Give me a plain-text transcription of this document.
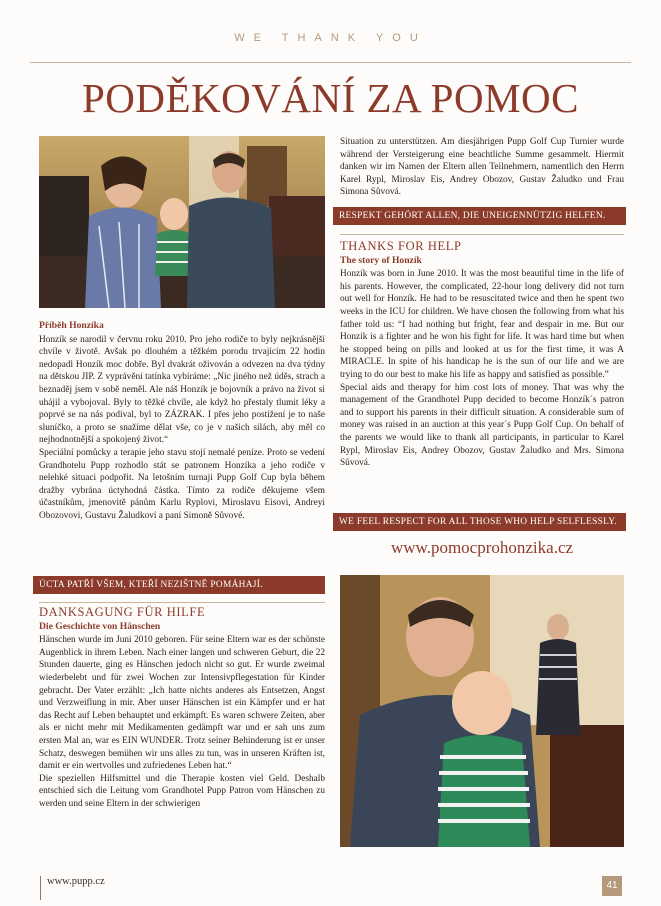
WE THANK YOU
PODĚKOVÁNÍ ZA POMOC
Příběh Honzíka

Honzík se narodil v červnu roku 2010. Pro jeho rodiče to byly nejkrásnější chvíle v životě. Avšak po dlouhém a těžkém porodu trvajícím 22 hodin nedopadl Honzík moc dobře. Byl dvakrát oživován a odvezen na dva týdny na dětskou JIP. Z vyprávění tatínka vybíráme: „Nic jiného než úděs, strach a beznaděj jsem v sobě neměl. Ale náš Honzík je bojovník a právo na život si uhájil a vybojoval. Byly to těžké chvíle, ale když ho přestaly tlumit léky a poprvé se na nás podíval, byl to ZÁZRAK. I přes jeho postižení je to naše sluníčko, a proto se snažíme dělat vše, co je v našich silách, aby měl co nejhodnotnější a spokojený život.“

Speciální pomůcky a terapie jeho stavu stojí nemalé peníze. Proto se vedení Grandhotelu Pupp rozhodlo stát se patronem Honzíka a jeho rodiče v nelehké situaci podpořit. Na letošním turnaji Pupp Golf Cup byla během dražby vybrána úctyhodná částka. Tímto za rodiče děkujeme všem účastníkům, jmenovitě pánům Karlu Ryplovi, Miroslavu Eisovi, Andreyi Obozovovi, Gustavu Žaludkovi a paní Simoně Sůvové.

ÚCTA PATŘÍ VŠEM, KTEŘÍ NEZIŠTNĚ POMÁHAJÍ.
DANKSAGUNG FÜR HILFE
Die Geschichte von Hänschen

Hänschen wurde im Juni 2010 geboren. Für seine Eltern war es der schönste Augenblick in ihrem Leben. Nach einer langen und schweren Geburt, die 22 Stunden dauerte, ging es Hänschen jedoch nicht so gut. Er wurde zweimal wiederbelebt und für zwei Wochen zur Intensivpflegestation für Kinder gebracht. Der Vater erzählt: „Ich hatte nichts anderes als Entsetzen, Angst und Verzweiflung in mir. Aber unser Hänschen ist ein Kämpfer und er hat das Recht auf Leben behauptet und erkämpft. Es waren schwere Zeiten, aber als er nicht mehr mit Medikamenten gedämpft war und er sah uns zum ersten Mal an, war es EIN WUNDER. Trotz seiner Behinderung ist er unser Schatz, deswegen bemühen wir uns alles zu tun, was in unseren Kräften ist, damit er ein wertvolles und zufriedenes Leben hat.“

Die speziellen Hilfsmittel und die Therapie kosten viel Geld. Deshalb entschied sich die Leitung vom Grandhotel Pupp Patron vom Hänschen zu werden und seine Eltern in der schwierigen

Situation zu unterstützen. Am diesjährigen Pupp Golf Cup Turnier wurde während der Versteigerung eine beachtliche Summe gesammelt. Hiermit danken wir im Namen der Eltern allen Teilnehmern, namentlich den Herrn Karel Rypl, Miroslav Eis, Andrey Obozov, Gustav Žaludko und Frau Simona Sůvová.

RESPEKT GEHÖRT ALLEN, DIE UNEIGENNÜTZIG HELFEN.
THANKS FOR HELP
The story of Honzík

Honzík was born in June 2010. It was the most beautiful time in the life of his parents. However, the complicated, 22-hour long delivery did not turn out well for Honzík. He had to be resuscitated twice and then he spent two weeks in the ICU for children. We have chosen the following from what his father told us: “I had nothing but fright, fear and despair in me. But our Honzík is a fighter and he won his fight for life. It was hard time but when he stopped being on pills and looked at us for the first time, it was A MIRACLE. In spite of his handicap he is the sun of our life and we are trying to do our best to make his life as happy and satisfied as possible.”

Special aids and therapy for him cost lots of money. That was why the management of the Grandhotel Pupp decided to become Honzík´s patron and to support his parents in their difficult situation. A considerable sum of money was raised in an auction at this year´s Pupp Golf Cup. On behalf of the parents we would like to thank all participants, in particular to Karel Rypl, Miroslav Eis, Andrey Obozov, Gustav Žaludko and Mrs. Simona Sůvová.

WE FEEL RESPECT FOR ALL THOSE WHO HELP SELFLESSLY.
www.pomocprohonzika.cz
www.pupp.cz	41
